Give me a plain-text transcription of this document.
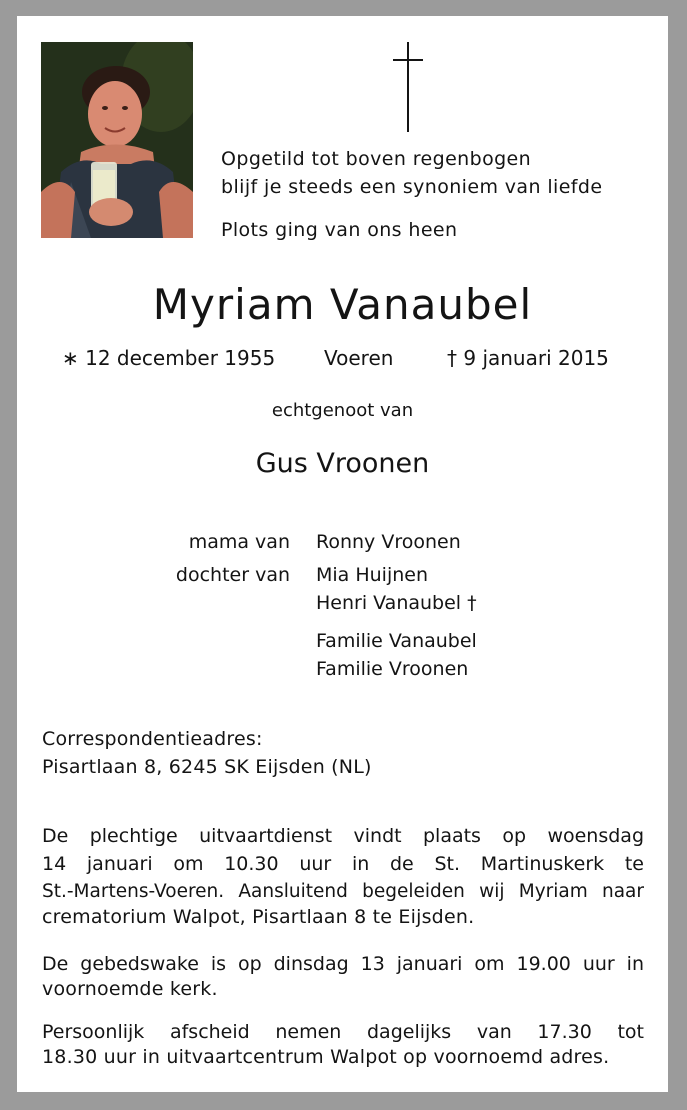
Opgetild tot boven regenbogen
blijf je steeds een synoniem van liefde
Plots ging van ons heen
Myriam Vanaubel
∗ 12 december 1955 Voeren	† 9 januari 2015
echtgenoot van
Gus Vroonen
mama van Ronny Vroonen
dochter van Mia Huijnen
Henri Vanaubel †
Familie Vanaubel
Familie Vroonen
Correspondentieadres:
Pisartlaan 8, 6245 SK Eijsden (NL)
De plechtige uitvaartdienst vindt plaats op woensdag
14 januari om 10.30 uur in de St. Martinuskerk te
St.-Martens-Voeren. Aansluitend begeleiden wij Myriam naar
crematorium Walpot, Pisartlaan 8 te Eijsden.
De gebedswake is op dinsdag 13 januari om 19.00 uur in
voornoemde kerk.
Persoonlijk afscheid nemen dagelijks van 17.30 tot
18.30 uur in uitvaartcentrum Walpot op voornoemd adres.
